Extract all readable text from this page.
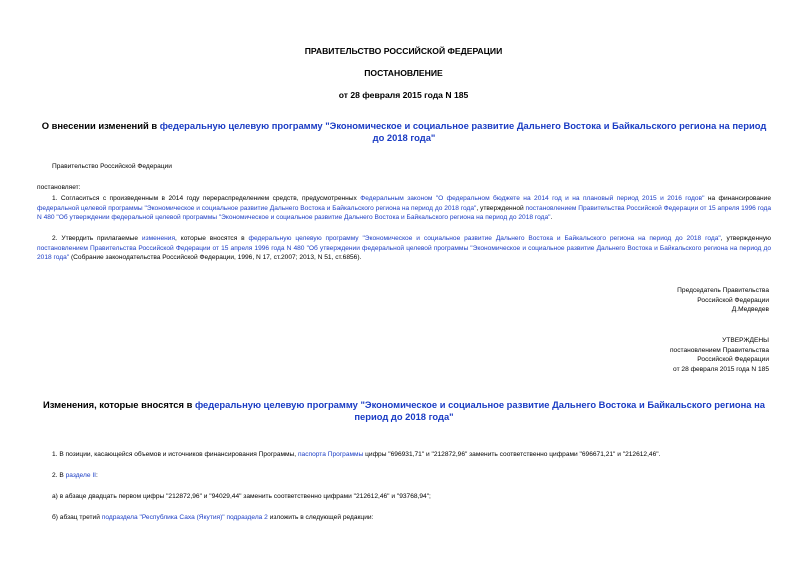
ПРАВИТЕЛЬСТВО РОССИЙСКОЙ ФЕДЕРАЦИИ
ПОСТАНОВЛЕНИЕ
от 28 февраля 2015 года N 185
О внесении изменений в федеральную целевую программу "Экономическое и социальное развитие Дальнего Востока и Байкальского региона на период до 2018 года"
Правительство Российской Федерации
постановляет:
1. Согласиться с произведенным в 2014 году перераспределением средств, предусмотренных Федеральным законом "О федеральном бюджете на 2014 год и на плановый период 2015 и 2016 годов" на финансирование федеральной целевой программы "Экономическое и социальное развитие Дальнего Востока и Байкальского региона на период до 2018 года", утвержденной постановлением Правительства Российской Федерации от 15 апреля 1996 года N 480 "Об утверждении федеральной целевой программы "Экономическое и социальное развитие Дальнего Востока и Байкальского региона на период до 2018 года".
2. Утвердить прилагаемые изменения, которые вносятся в федеральную целевую программу "Экономическое и социальное развитие Дальнего Востока и Байкальского региона на период до 2018 года", утвержденную постановлением Правительства Российской Федерации от 15 апреля 1996 года N 480 "Об утверждении федеральной целевой программы "Экономическое и социальное развитие Дальнего Востока и Байкальского региона на период до 2018 года" (Собрание законодательства Российской Федерации, 1996, N 17, ст.2007; 2013, N 51, ст.6856).
Председатель Правительства
Российской Федерации
Д.Медведев
УТВЕРЖДЕНЫ
постановлением Правительства
Российской Федерации
от 28 февраля 2015 года N 185
Изменения, которые вносятся в федеральную целевую программу "Экономическое и социальное развитие Дальнего Востока и Байкальского региона на период до 2018 года"
1. В позиции, касающейся объемов и источников финансирования Программы, паспорта Программы цифры "696931,71" и "212872,96" заменить соответственно цифрами "696671,21" и "212612,46".
2. В разделе II:
а) в абзаце двадцать первом цифры "212872,96" и "94029,44" заменить соответственно цифрами "212612,46" и "93768,94";
б) абзац третий подраздела "Республика Саха (Якутия)" подраздела 2 изложить в следующей редакции:
